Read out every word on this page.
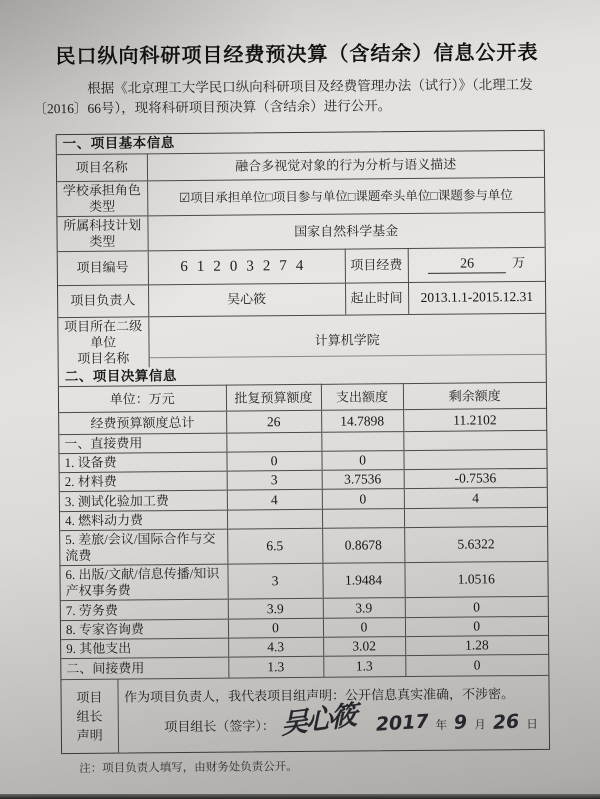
民口纵向科研项目经费预决算（含结余）信息公开表
根据《北京理工大学民口纵向科研项目及经费管理办法（试行）》（北理工发
〔2016〕66号），现将科研项目预决算（含结余）进行公开。
一、项目基本信息			
项目名称	融合多视觉对象的行为分析与语义描述		
学校承担角色类型	☑项目承担单位□项目参与单位□课题牵头单位□课题参与单位		
所属科技计划类型	国家自然科学基金		
项目编号	61203274	项目经费	26 万
项目负责人	吴心筱	起止时间	2013.1.1-2015.12.31

项目所在二级单位
项目名称	计算机学院		
二、项目决算信息			
单位：万元	批复预算额度	支出额度	剩余额度
经费预算额度总计	26	14.7898	11.2102
一、直接费用			
1. 设备费	0	0	
2. 材料费	3	3.7536	-0.7536
3. 测试化验加工费	4	0	4
4. 燃料动力费			
5. 差旅/会议/国际合作与交流费	6.5	0.8678	5.6322
6. 出版/文献/信息传播/知识产权事务费	3	1.9484	1.0516
7. 劳务费	3.9	3.9	0
8. 专家咨询费	0	0	0
9. 其他支出	4.3	3.02	1.28
二、间接费用	1.3	1.3	0
项目组长声明

作为项目负责人，我代表项目组声明：公开信息真实准确，不涉密。
项目组长（签字）： 吴心筱 2017 年 9 月 26 日
注：项目负责人填写，由财务处负责公开。
